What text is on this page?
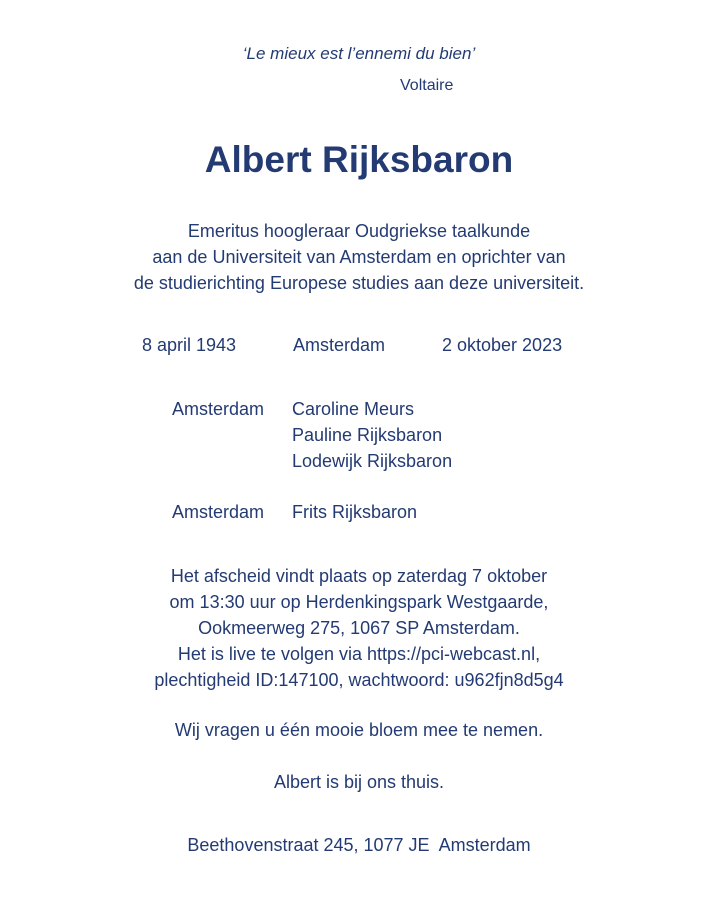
‘Le mieux est l’ennemi du bien’
Voltaire
Albert Rijksbaron
Emeritus hoogleraar Oudgriekse taalkunde
aan de Universiteit van Amsterdam en oprichter van
de studierichting Europese studies aan deze universiteit.
8 april 1943	Amsterdam	2 oktober 2023
Amsterdam Caroline Meurs
Pauline Rijksbaron
Lodewijk Rijksbaron
Amsterdam Frits Rijksbaron
Het afscheid vindt plaats op zaterdag 7 oktober
om 13:30 uur op Herdenkingspark Westgaarde,
Ookmeerweg 275, 1067 SP Amsterdam.
Het is live te volgen via https://pci-webcast.nl,
plechtigheid ID:147100, wachtwoord: u962fjn8d5g4
Wij vragen u één mooie bloem mee te nemen.
Albert is bij ons thuis.
Beethovenstraat 245, 1077 JE  Amsterdam
